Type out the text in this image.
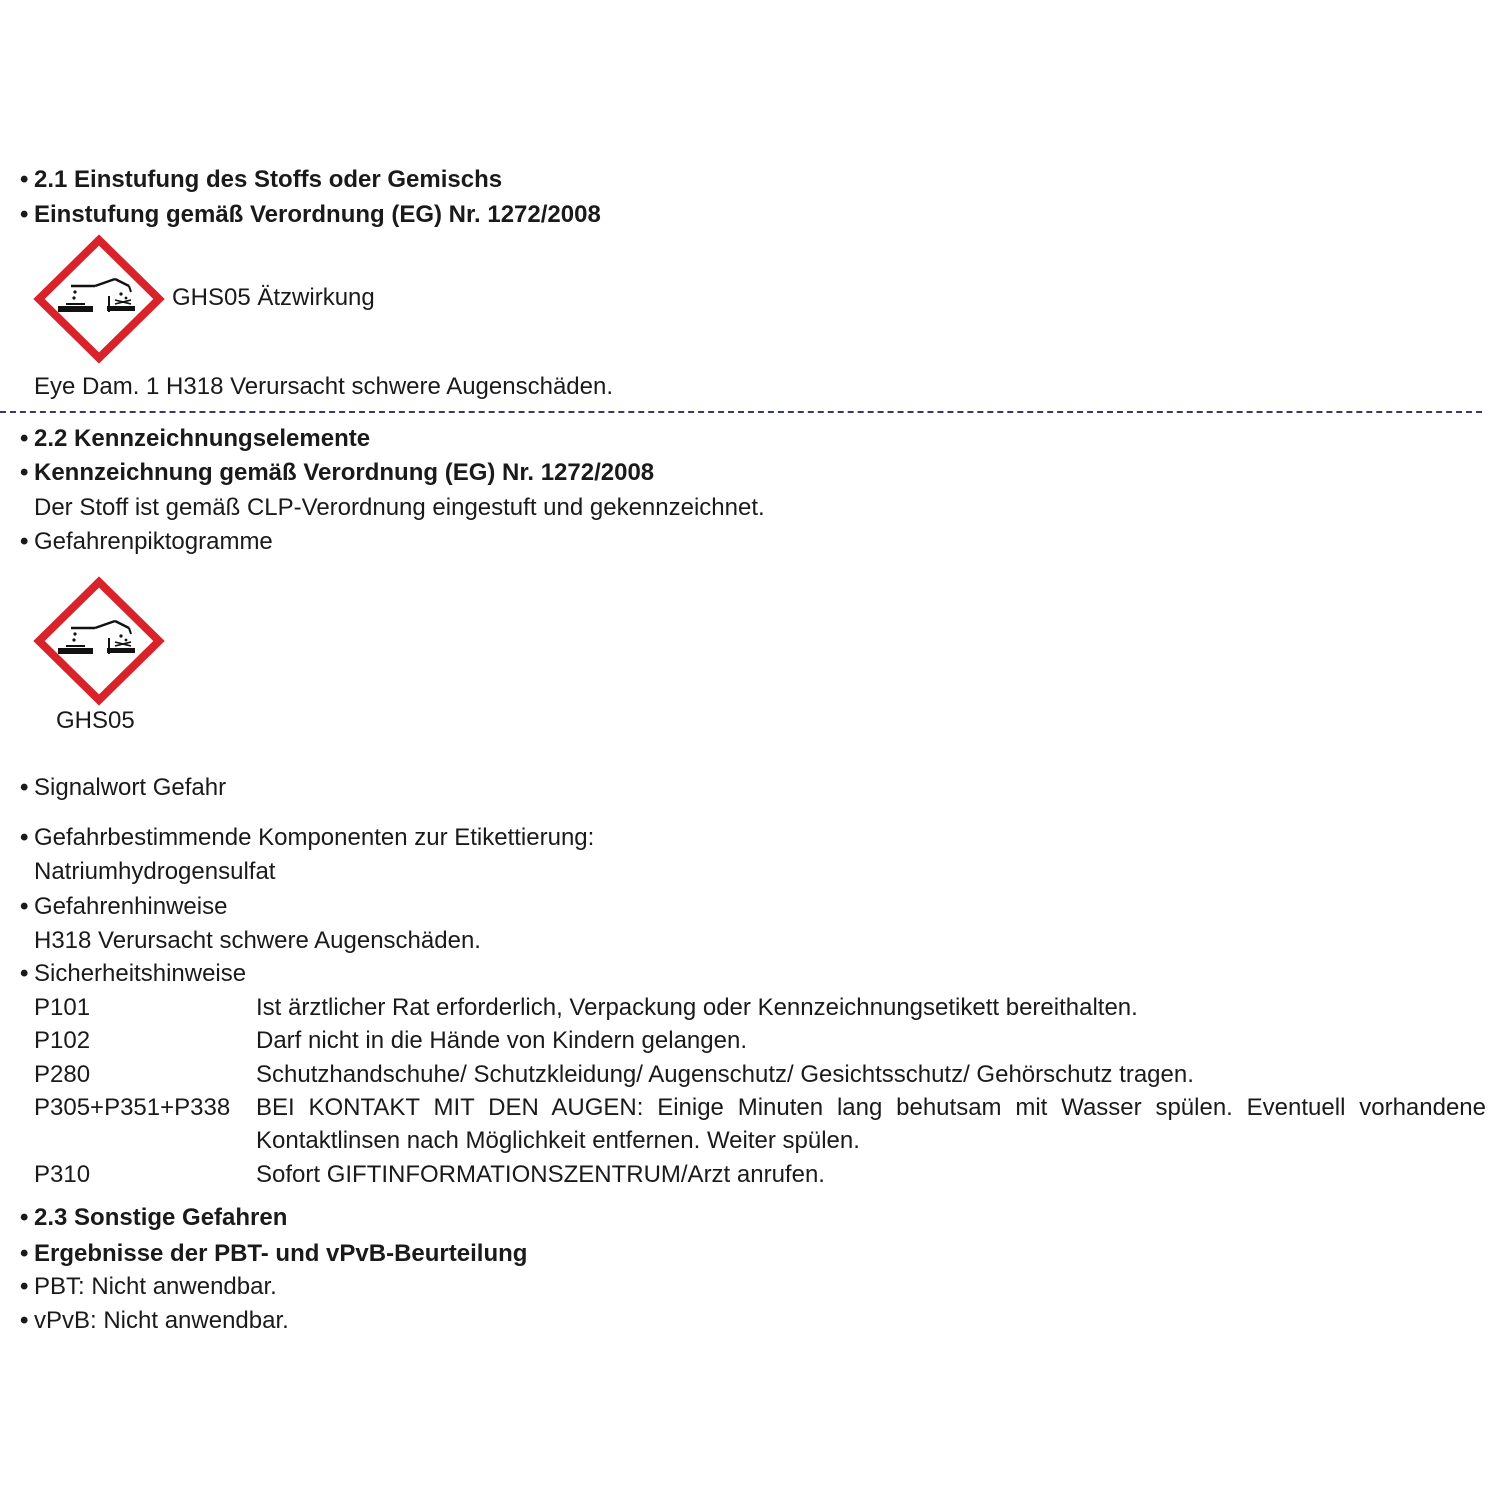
• 2.1 Einstufung des Stoffs oder Gemischs
• Einstufung gemäß Verordnung (EG) Nr. 1272/2008
GHS05 Ätzwirkung
Eye Dam. 1 H318 Verursacht schwere Augenschäden.
• 2.2 Kennzeichnungselemente
• Kennzeichnung gemäß Verordnung (EG) Nr. 1272/2008
Der Stoff ist gemäß CLP-Verordnung eingestuft und gekennzeichnet.
• Gefahrenpiktogramme
GHS05
• Signalwort Gefahr
• Gefahrbestimmende Komponenten zur Etikettierung:
Natriumhydrogensulfat
• Gefahrenhinweise
H318 Verursacht schwere Augenschäden.
• Sicherheitshinweise
P101	Ist ärztlicher Rat erforderlich, Verpackung oder Kennzeichnungsetikett bereithalten.
P102	Darf nicht in die Hände von Kindern gelangen.
P280	Schutzhandschuhe/ Schutzkleidung/ Augenschutz/ Gesichtsschutz/ Gehörschutz tragen.
P305+P351+P338 BEI KONTAKT MIT DEN AUGEN: Einige Minuten lang behutsam mit Wasser spülen. Eventuell vorhandene Kontaktlinsen nach Möglichkeit entfernen. Weiter spülen.
P310	Sofort GIFTINFORMATIONSZENTRUM/Arzt anrufen.
• 2.3 Sonstige Gefahren
• Ergebnisse der PBT- und vPvB-Beurteilung
• PBT: Nicht anwendbar.
• vPvB: Nicht anwendbar.
